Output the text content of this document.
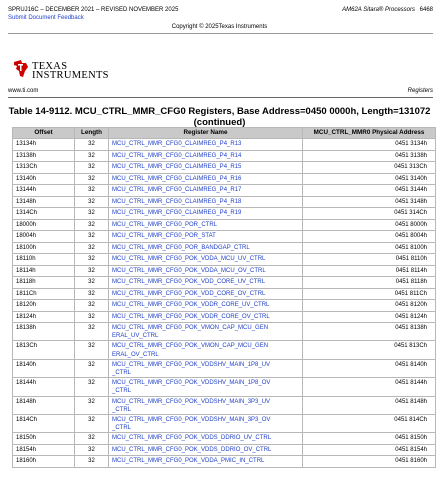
SPRUJ16C – DECEMBER 2021 – REVISED NOVEMBER 2025
Submit Document Feedback
AM62A Sitara® Processors 6468
Copyright © 2025Texas Instruments
TEXAS
INSTRUMENTS
www.ti.com	Registers
Table 14-9112. MCU_CTRL_MMR_CFG0 Registers, Base Address=0450 0000h, Length=131072
(continued)
Offset	Length	Register Name	MCU_CTRL_MMR0 Physical Address
13134h	32	MCU_CTRL_MMR_CFG0_CLAIMREG_P4_R13	0451 3134h
13138h	32	MCU_CTRL_MMR_CFG0_CLAIMREG_P4_R14	0451 3138h
1313Ch	32	MCU_CTRL_MMR_CFG0_CLAIMREG_P4_R15	0451 313Ch
13140h	32	MCU_CTRL_MMR_CFG0_CLAIMREG_P4_R16	0451 3140h
13144h	32	MCU_CTRL_MMR_CFG0_CLAIMREG_P4_R17	0451 3144h
13148h	32	MCU_CTRL_MMR_CFG0_CLAIMREG_P4_R18	0451 3148h
1314Ch	32	MCU_CTRL_MMR_CFG0_CLAIMREG_P4_R19	0451 314Ch
18000h	32	MCU_CTRL_MMR_CFG0_POR_CTRL	0451 8000h
18004h	32	MCU_CTRL_MMR_CFG0_POR_STAT	0451 8004h
18100h	32	MCU_CTRL_MMR_CFG0_POR_BANDGAP_CTRL	0451 8100h
18110h	32	MCU_CTRL_MMR_CFG0_POK_VDDA_MCU_UV_CTRL	0451 8110h
18114h	32	MCU_CTRL_MMR_CFG0_POK_VDDA_MCU_OV_CTRL	0451 8114h
18118h	32	MCU_CTRL_MMR_CFG0_POK_VDD_CORE_UV_CTRL	0451 8118h
1811Ch	32	MCU_CTRL_MMR_CFG0_POK_VDD_CORE_OV_CTRL	0451 811Ch
18120h	32	MCU_CTRL_MMR_CFG0_POK_VDDR_CORE_UV_CTRL	0451 8120h
18124h	32	MCU_CTRL_MMR_CFG0_POK_VDDR_CORE_OV_CTRL	0451 8124h
18138h	32	MCU_CTRL_MMR_CFG0_POK_VMON_CAP_MCU_GEN
ERAL_UV_CTRL	0451 8138h
1813Ch	32	MCU_CTRL_MMR_CFG0_POK_VMON_CAP_MCU_GEN
ERAL_OV_CTRL	0451 813Ch
18140h	32	MCU_CTRL_MMR_CFG0_POK_VDDSHV_MAIN_1P8_UV
_CTRL	0451 8140h
18144h	32	MCU_CTRL_MMR_CFG0_POK_VDDSHV_MAIN_1P8_OV
_CTRL	0451 8144h
18148h	32	MCU_CTRL_MMR_CFG0_POK_VDDSHV_MAIN_3P3_UV
_CTRL	0451 8148h
1814Ch	32	MCU_CTRL_MMR_CFG0_POK_VDDSHV_MAIN_3P3_OV
_CTRL	0451 814Ch
18150h	32	MCU_CTRL_MMR_CFG0_POK_VDDS_DDRIO_UV_CTRL	0451 8150h
18154h	32	MCU_CTRL_MMR_CFG0_POK_VDDS_DDRIO_OV_CTRL	0451 8154h
18160h	32	MCU_CTRL_MMR_CFG0_POK_VDDA_PMIC_IN_CTRL	0451 8160h
